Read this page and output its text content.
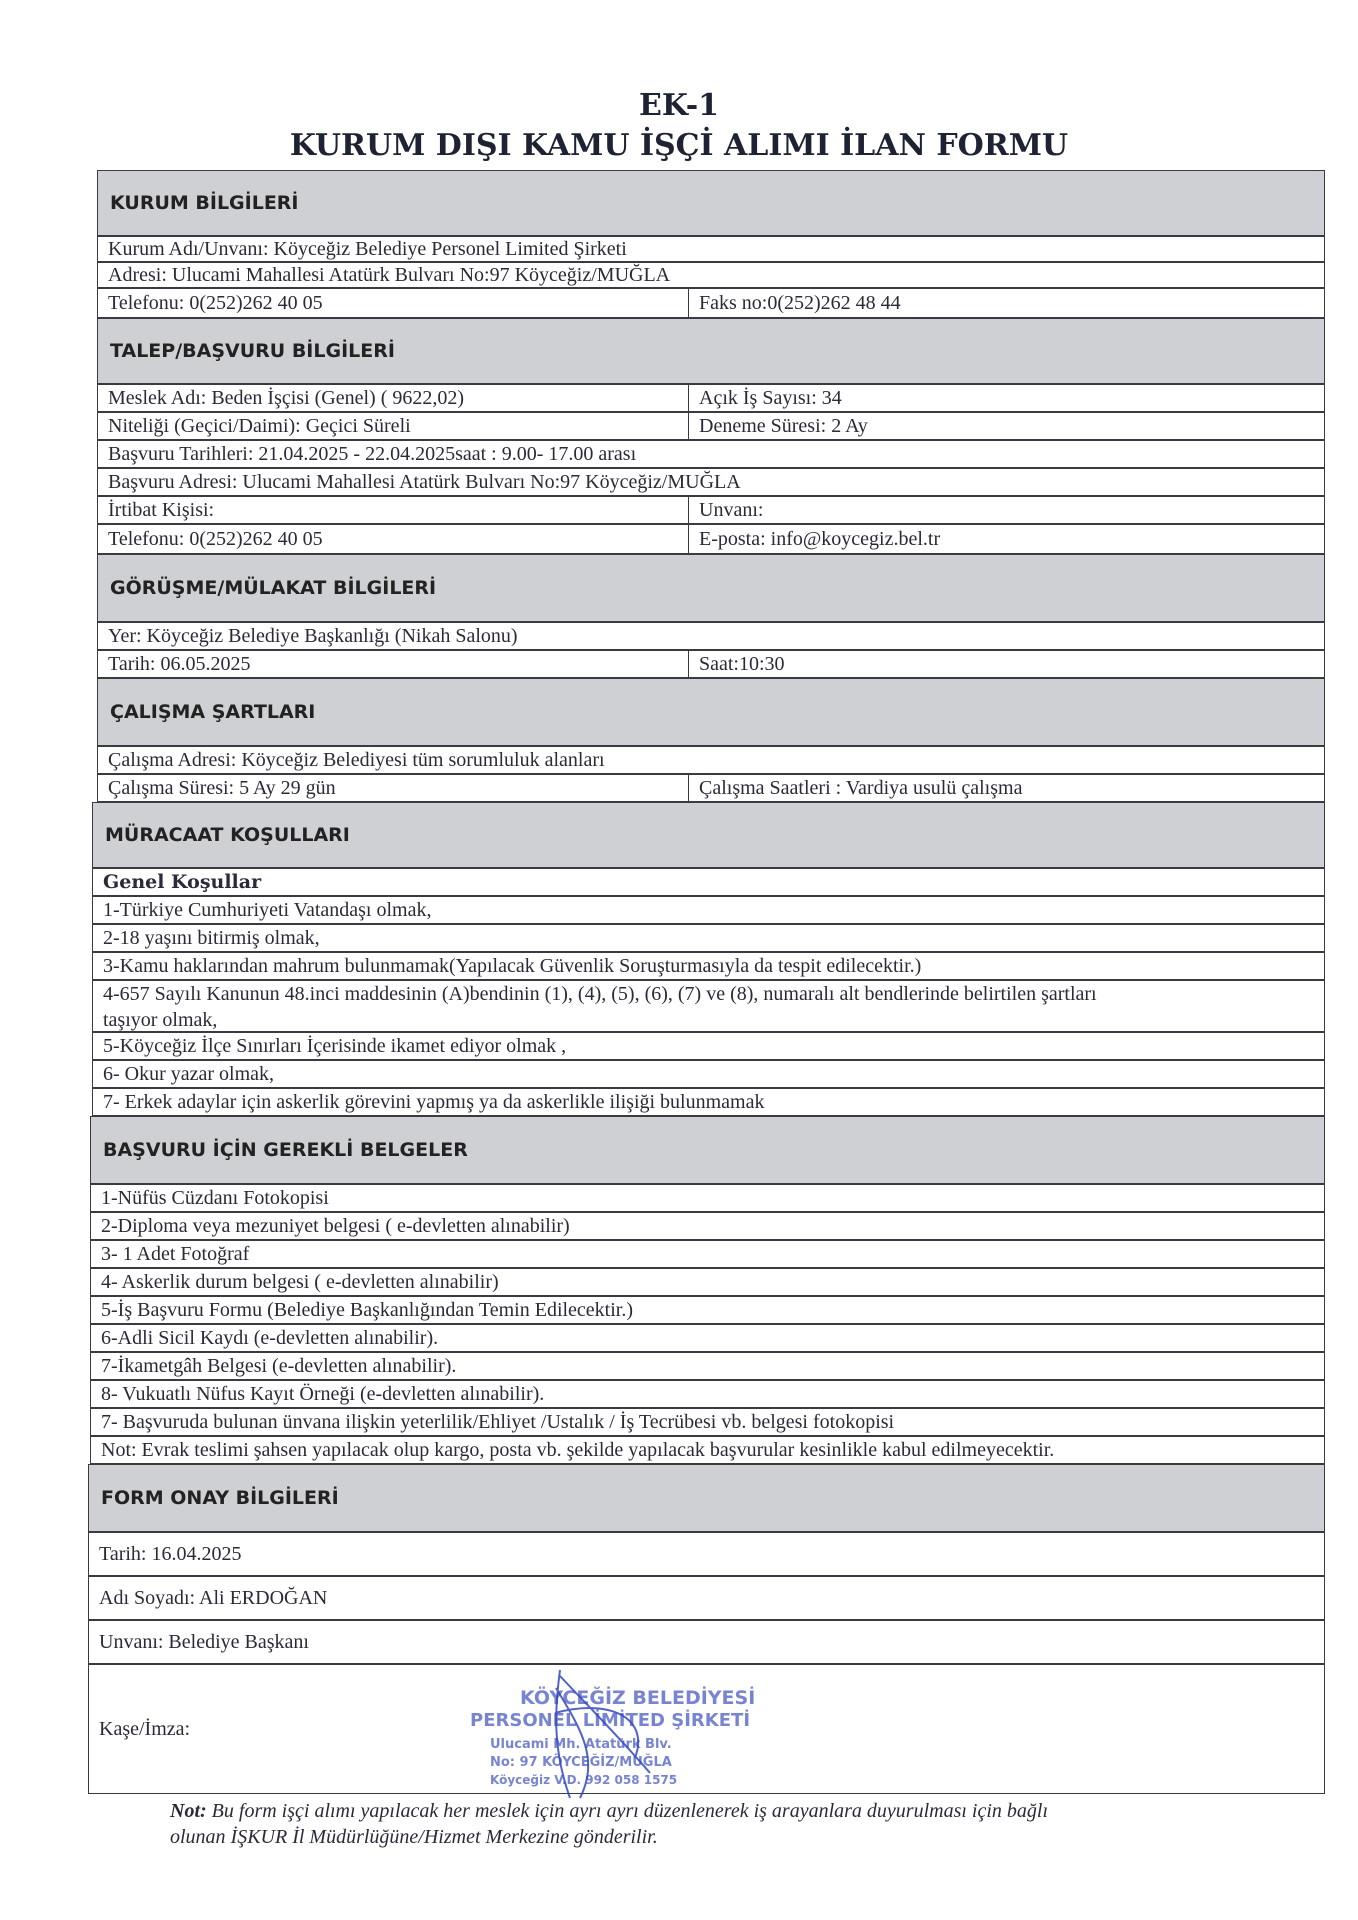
EK-1
KURUM DIŞI KAMU İŞÇİ ALIMI İLAN FORMU
KURUM BİLGİLERİ
Kurum Adı/Unvanı: Köyceğiz Belediye Personel Limited Şirketi
Adresi: Ulucami Mahallesi Atatürk Bulvarı No:97 Köyceğiz/MUĞLA
Telefonu: 0(252)262 40 05	Faks no:0(252)262 48 44
TALEP/BAŞVURU BİLGİLERİ
Meslek Adı: Beden İşçisi (Genel) ( 9622,02)	Açık İş Sayısı: 34
Niteliği (Geçici/Daimi): Geçici Süreli	Deneme Süresi: 2 Ay
Başvuru Tarihleri: 21.04.2025 - 22.04.2025saat : 9.00- 17.00 arası
Başvuru Adresi: Ulucami Mahallesi Atatürk Bulvarı No:97 Köyceğiz/MUĞLA
İrtibat Kişisi:	Unvanı:
Telefonu: 0(252)262 40 05	E-posta: info@koycegiz.bel.tr
GÖRÜŞME/MÜLAKAT BİLGİLERİ
Yer: Köyceğiz Belediye Başkanlığı (Nikah Salonu)
Tarih: 06.05.2025	Saat:10:30
ÇALIŞMA ŞARTLARI
Çalışma Adresi: Köyceğiz Belediyesi tüm sorumluluk alanları
Çalışma Süresi: 5 Ay 29 gün	Çalışma Saatleri : Vardiya usulü çalışma
MÜRACAAT KOŞULLARI
Genel Koşullar
1-Türkiye Cumhuriyeti Vatandaşı olmak,
2-18 yaşını bitirmiş olmak,
3-Kamu haklarından mahrum bulunmamak(Yapılacak Güvenlik Soruşturmasıyla da tespit edilecektir.)
4-657 Sayılı Kanunun 48.inci maddesinin (A)bendinin (1), (4), (5), (6), (7) ve (8), numaralı alt bendlerinde belirtilen şartları
taşıyor olmak,
5-Köyceğiz İlçe Sınırları İçerisinde ikamet ediyor olmak ,
6- Okur yazar olmak,
7- Erkek adaylar için askerlik görevini yapmış ya da askerlikle ilişiği bulunmamak
BAŞVURU İÇİN GEREKLİ BELGELER
1-Nüfüs Cüzdanı Fotokopisi
2-Diploma veya mezuniyet belgesi ( e-devletten alınabilir)
3- 1 Adet Fotoğraf
4- Askerlik durum belgesi ( e-devletten alınabilir)
5-İş Başvuru Formu (Belediye Başkanlığından Temin Edilecektir.)
6-Adli Sicil Kaydı (e-devletten alınabilir).
7-İkametgâh Belgesi (e-devletten alınabilir).
8- Vukuatlı Nüfus Kayıt Örneği (e-devletten alınabilir).
7- Başvuruda bulunan ünvana ilişkin yeterlilik/Ehliyet /Ustalık / İş Tecrübesi vb. belgesi fotokopisi
Not: Evrak teslimi şahsen yapılacak olup kargo, posta vb. şekilde yapılacak başvurular kesinlikle kabul edilmeyecektir.
FORM ONAY BİLGİLERİ
Tarih: 16.04.2025
Adı Soyadı: Ali ERDOĞAN
Unvanı: Belediye Başkanı
Kaşe/İmza:
KÖYCEĞİZ BELEDİYESİ
PERSONEL LİMİTED ŞİRKETİ
Ulucami Mh. Atatürk Blv.
No: 97 KÖYCEĞİZ/MUĞLA
Köyceğiz V.D. 992 058 1575
Not: Bu form işçi alımı yapılacak her meslek için ayrı ayrı düzenlenerek iş arayanlara duyurulması için bağlı
olunan İŞKUR İl Müdürlüğüne/Hizmet Merkezine gönderilir.
